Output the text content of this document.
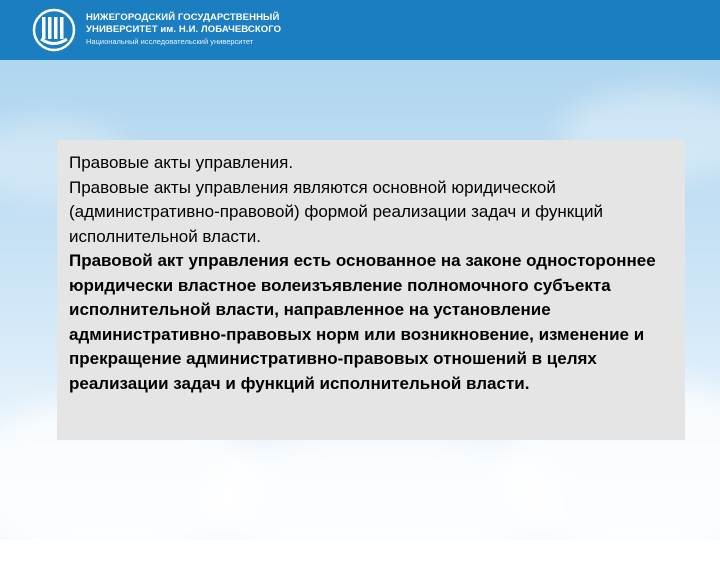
НИЖЕГОРОДСКИЙ ГОСУДАРСТВЕННЫЙ
УНИВЕРСИТЕТ им. Н.И. ЛОБАЧЕВСКОГО
Национальный исследовательский университет

Правовые акты управления.

Правовые акты управления являются основной юридической (административно-правовой) формой реализации задач и функций исполнительной власти.

Правовой акт управления есть основанное на законе одностороннее юридически властное волеизъявление полномочного субъекта исполнительной власти, направленное на установление административно-правовых норм или возникновение, изменение и прекращение административно-правовых отношений в целях реализации задач и функций исполнительной власти.
